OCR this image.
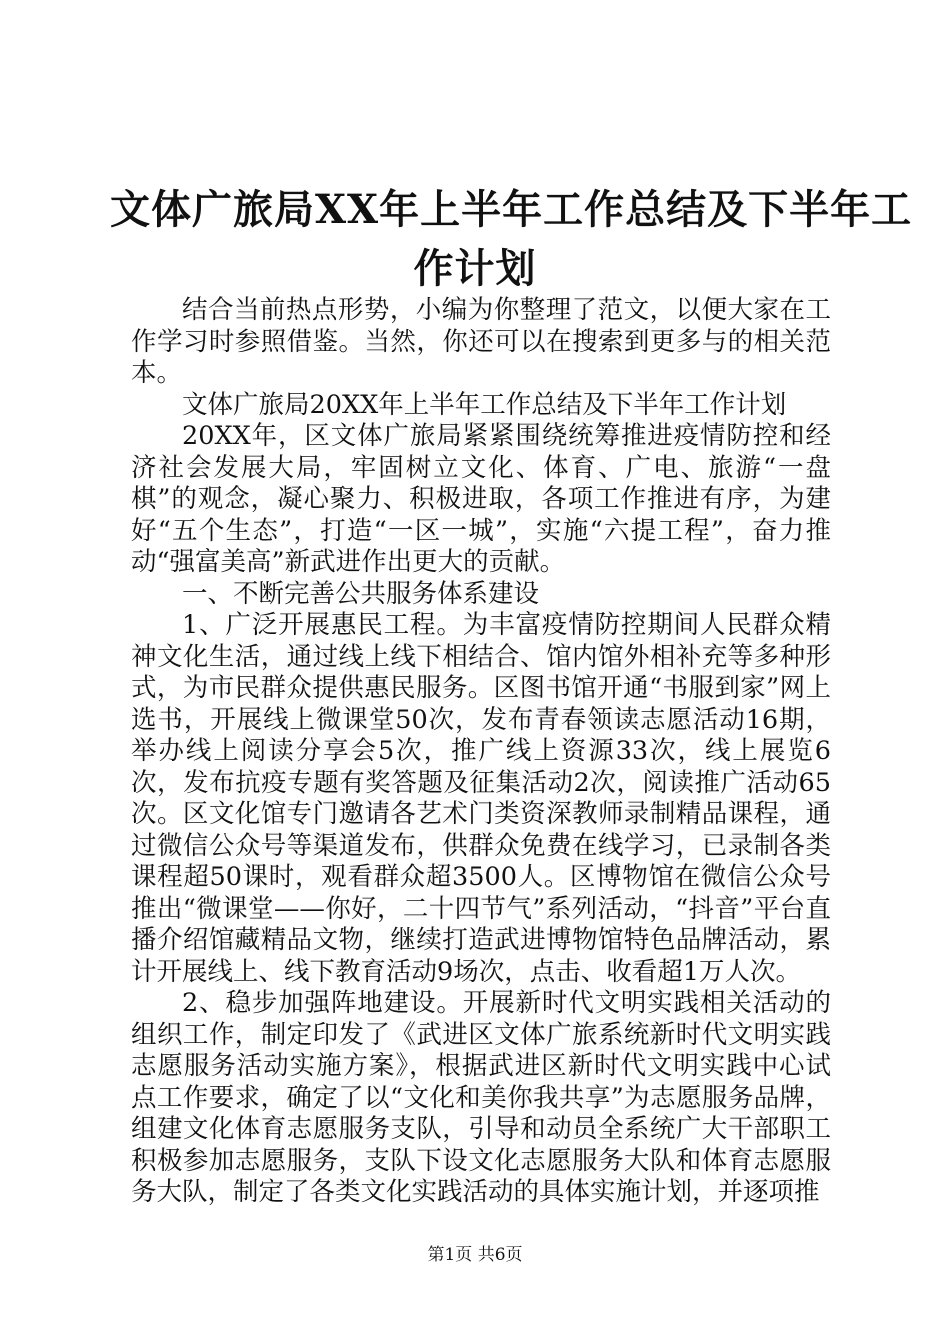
文体广旅局XX年上半年工作总结及下半年工
作计划

结合当前热点形势，小编为你整理了范文，以便大家在工作学习时参照借鉴。当然，你还可以在搜索到更多与的相关范本。

文体广旅局20XX年上半年工作总结及下半年工作计划

20XX年，区文体广旅局紧紧围绕统筹推进疫情防控和经济社会发展大局，牢固树立文化、体育、广电、旅游“一盘棋”的观念，凝心聚力、积极进取，各项工作推进有序，为建好“五个生态”，打造“一区一城”，实施“六提工程”，奋力推动“强富美高”新武进作出更大的贡献。

一、不断完善公共服务体系建设

1、广泛开展惠民工程。为丰富疫情防控期间人民群众精神文化生活，通过线上线下相结合、馆内馆外相补充等多种形式，为市民群众提供惠民服务。区图书馆开通“书服到家”网上选书，开展线上微课堂50次，发布青春领读志愿活动16期，举办线上阅读分享会5次，推广线上资源33次，线上展览6次，发布抗疫专题有奖答题及征集活动2次，阅读推广活动65次。区文化馆专门邀请各艺术门类资深教师录制精品课程，通过微信公众号等渠道发布，供群众免费在线学习，已录制各类课程超50课时，观看群众超3500人。区博物馆在微信公众号推出“微课堂——你好，二十四节气”系列活动，“抖音”平台直播介绍馆藏精品文物，继续打造武进博物馆特色品牌活动，累计开展线上、线下教育活动9场次，点击、收看超1万人次。

2、稳步加强阵地建设。开展新时代文明实践相关活动的组织工作，制定印发了《武进区文体广旅系统新时代文明实践志愿服务活动实施方案》，根据武进区新时代文明实践中心试点工作要求，确定了以“文化和美你我共享”为志愿服务品牌，组建文化体育志愿服务支队，引导和动员全系统广大干部职工积极参加志愿服务，支队下设文化志愿服务大队和体育志愿服务大队，制定了各类文化实践活动的具体实施计划，并逐项推

第1页 共6页
